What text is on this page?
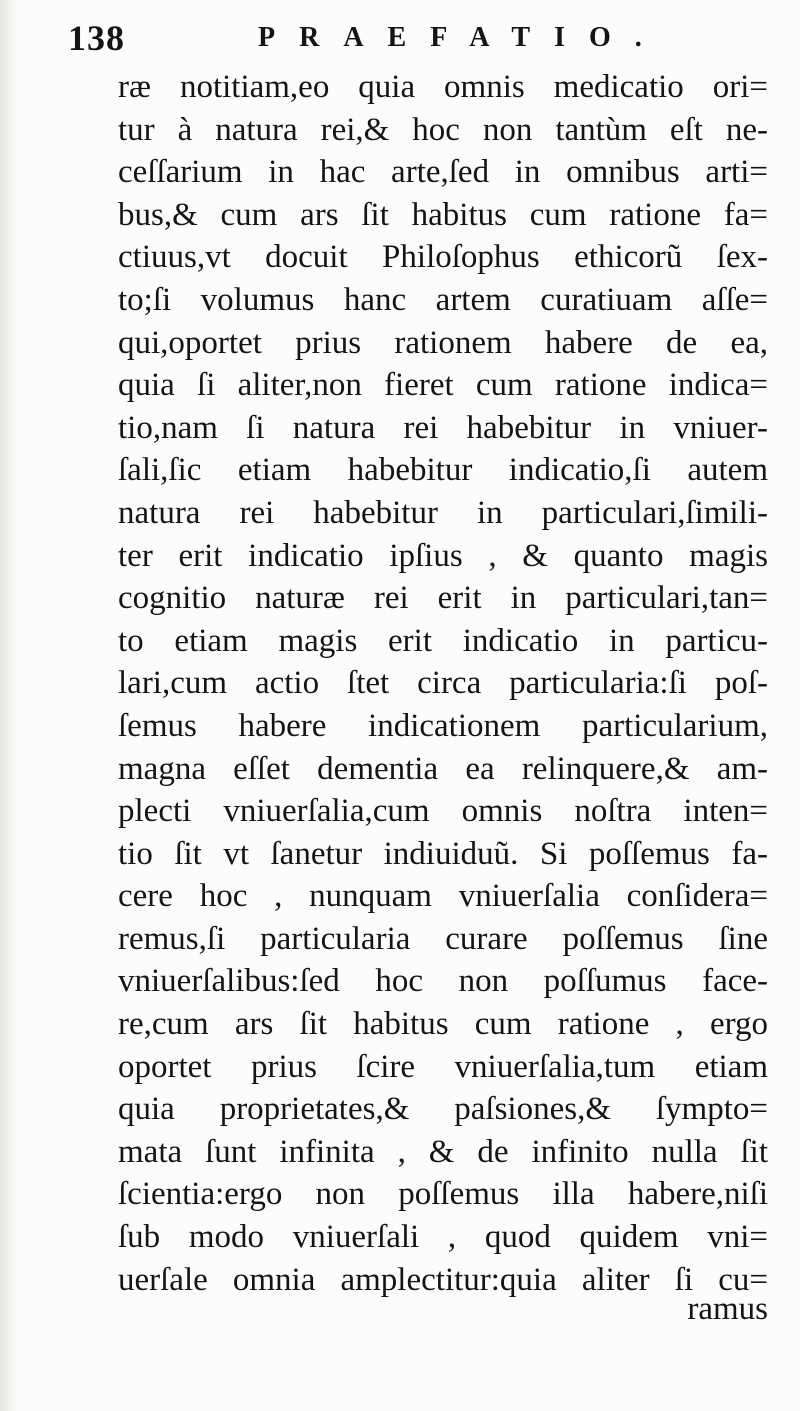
138	PRAEFATIO.
ræ notitiam,eo quia omnis medicatio ori=
tur à natura rei,& hoc non tantùm eſt ne-
ceſſarium in hac arte,ſed in omnibus arti=
bus,& cum ars ſit habitus cum ratione fa=
ctiuus,vt docuit Philoſophus ethicorũ ſex-
to;ſi volumus hanc artem curatiuam aſſe=
qui,oportet prius rationem habere de ea,
quia ſi aliter,non fieret cum ratione indica=
tio,nam ſi natura rei habebitur in vniuer-
ſali,ſic etiam habebitur indicatio,ſi autem
natura rei habebitur in particulari,ſimili-
ter erit indicatio ipſius , & quanto magis
cognitio naturæ rei erit in particulari,tan=
to etiam magis erit indicatio in particu-
lari,cum actio ſtet circa particularia:ſi poſ-
ſemus habere indicationem particularium,
magna eſſet dementia ea relinquere,& am-
plecti vniuerſalia,cum omnis noſtra inten=
tio ſit vt ſanetur indiuiduũ. Si poſſemus fa-
cere hoc , nunquam vniuerſalia conſidera=
remus,ſi particularia curare poſſemus ſine
vniuerſalibus:ſed hoc non poſſumus face-
re,cum ars ſit habitus cum ratione , ergo
oportet prius ſcire vniuerſalia,tum etiam
quia proprietates,& paſsiones,& ſympto=
mata ſunt infinita , & de infinito nulla ſit
ſcientia:ergo non poſſemus illa habere,niſi
ſub modo vniuerſali , quod quidem vni=
uerſale omnia amplectitur:quia aliter ſi cu=
ramus
